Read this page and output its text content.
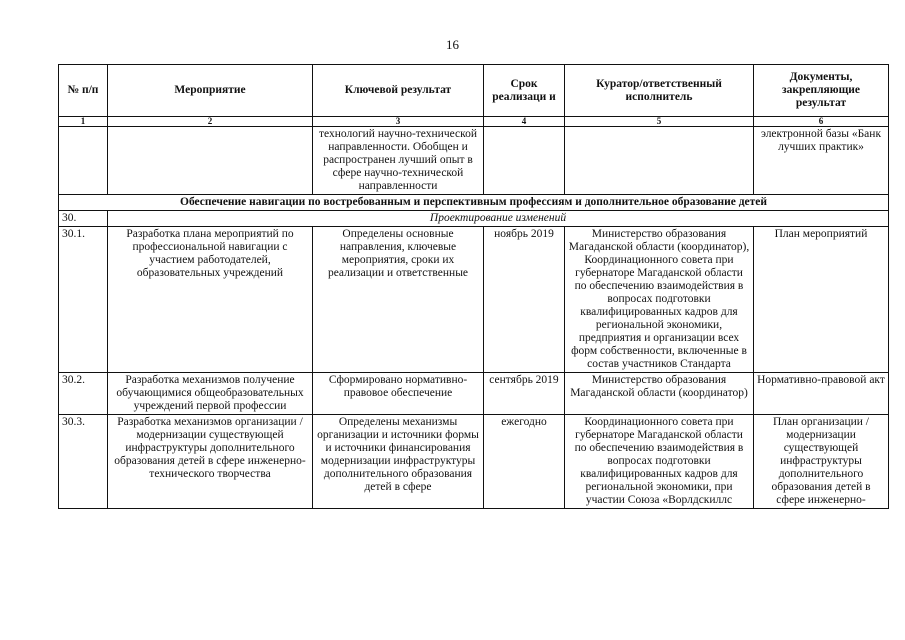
16
№ п/п	Мероприятие	Ключевой результат	Срок реализаци и	Куратор/ответственный исполнитель	Документы, закрепляющие результат
1	2	3	4	5	6
		технологий научно-технической направленности. Обобщен и распространен лучший опыт в сфере научно-технической направленности			электронной базы «Банк лучших практик»
Обеспечение навигации по востребованным и перспективным профессиям и дополнительное образование детей					
30.	Проектирование изменений				
30.1.	Разработка плана мероприятий по профессиональной навигации с участием работодателей, образовательных учреждений	Определены основные направления, ключевые мероприятия, сроки их реализации и ответственные	ноябрь 2019	Министерство образования Магаданской области (координатор), Координационного совета при губернаторе Магаданской области по обеспечению взаимодействия в вопросах подготовки квалифицированных кадров для региональной экономики, предприятия и организации всех форм собственности, включенные в состав участников Стандарта	План мероприятий
30.2.	Разработка механизмов получение обучающимися общеобразовательных учреждений первой профессии	Сформировано нормативно-правовое обеспечение	сентябрь 2019	Министерство образования Магаданской области (координатор)	Нормативно-правовой акт
30.3.	Разработка механизмов организации / модернизации существующей инфраструктуры дополнительного образования детей в сфере инженерно-технического творчества	Определены механизмы организации и источники формы и источники финансирования модернизации инфраструктуры дополнительного образования детей в сфере	ежегодно	Координационного совета при губернаторе Магаданской области по обеспечению взаимодействия в вопросах подготовки квалифицированных кадров для региональной экономики, при участии Союза «Ворлдскиллс	План организации / модернизации существующей инфраструктуры дополнительного образования детей в сфере инженерно-
